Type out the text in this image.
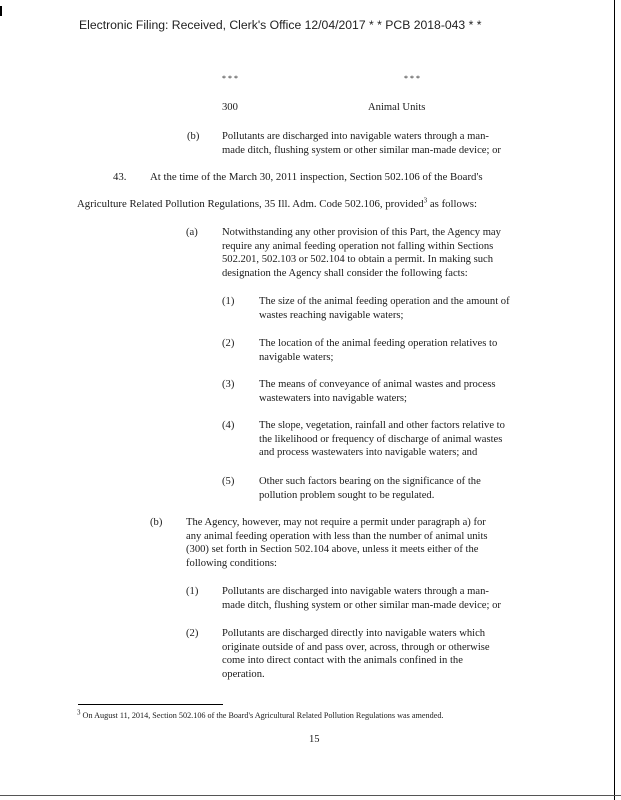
Electronic Filing: Received, Clerk's Office 12/04/2017 * * PCB 2018-043 * *
* * *	* * *
300	Animal Units
(b) Pollutants are discharged into navigable waters through a man-
made ditch, flushing system or other similar man-made device; or
43. At the time of the March 30, 2011 inspection, Section 502.106 of the Board's
Agriculture Related Pollution Regulations, 35 Ill. Adm. Code 502.106, provided$^3$ as follows:
(a) Notwithstanding any other provision of this Part, the Agency may
require any animal feeding operation not falling within Sections
502.201, 502.103 or 502.104 to obtain a permit. In making such
designation the Agency shall consider the following facts:
(1) The size of the animal feeding operation and the amount of
wastes reaching navigable waters;
(2) The location of the animal feeding operation relatives to
navigable waters;
(3) The means of conveyance of animal wastes and process
wastewaters into navigable waters;
(4) The slope, vegetation, rainfall and other factors relative to
the likelihood or frequency of discharge of animal wastes
and process wastewaters into navigable waters; and
(5) Other such factors bearing on the significance of the
pollution problem sought to be regulated.
(b) The Agency, however, may not require a permit under paragraph a) for
any animal feeding operation with less than the number of animal units
(300) set forth in Section 502.104 above, unless it meets either of the
following conditions:
(1) Pollutants are discharged into navigable waters through a man-
made ditch, flushing system or other similar man-made device; or
(2) Pollutants are discharged directly into navigable waters which
originate outside of and pass over, across, through or otherwise
come into direct contact with the animals confined in the
operation.
3 On August 11, 2014, Section 502.106 of the Board's Agricultural Related Pollution Regulations was amended.
15
